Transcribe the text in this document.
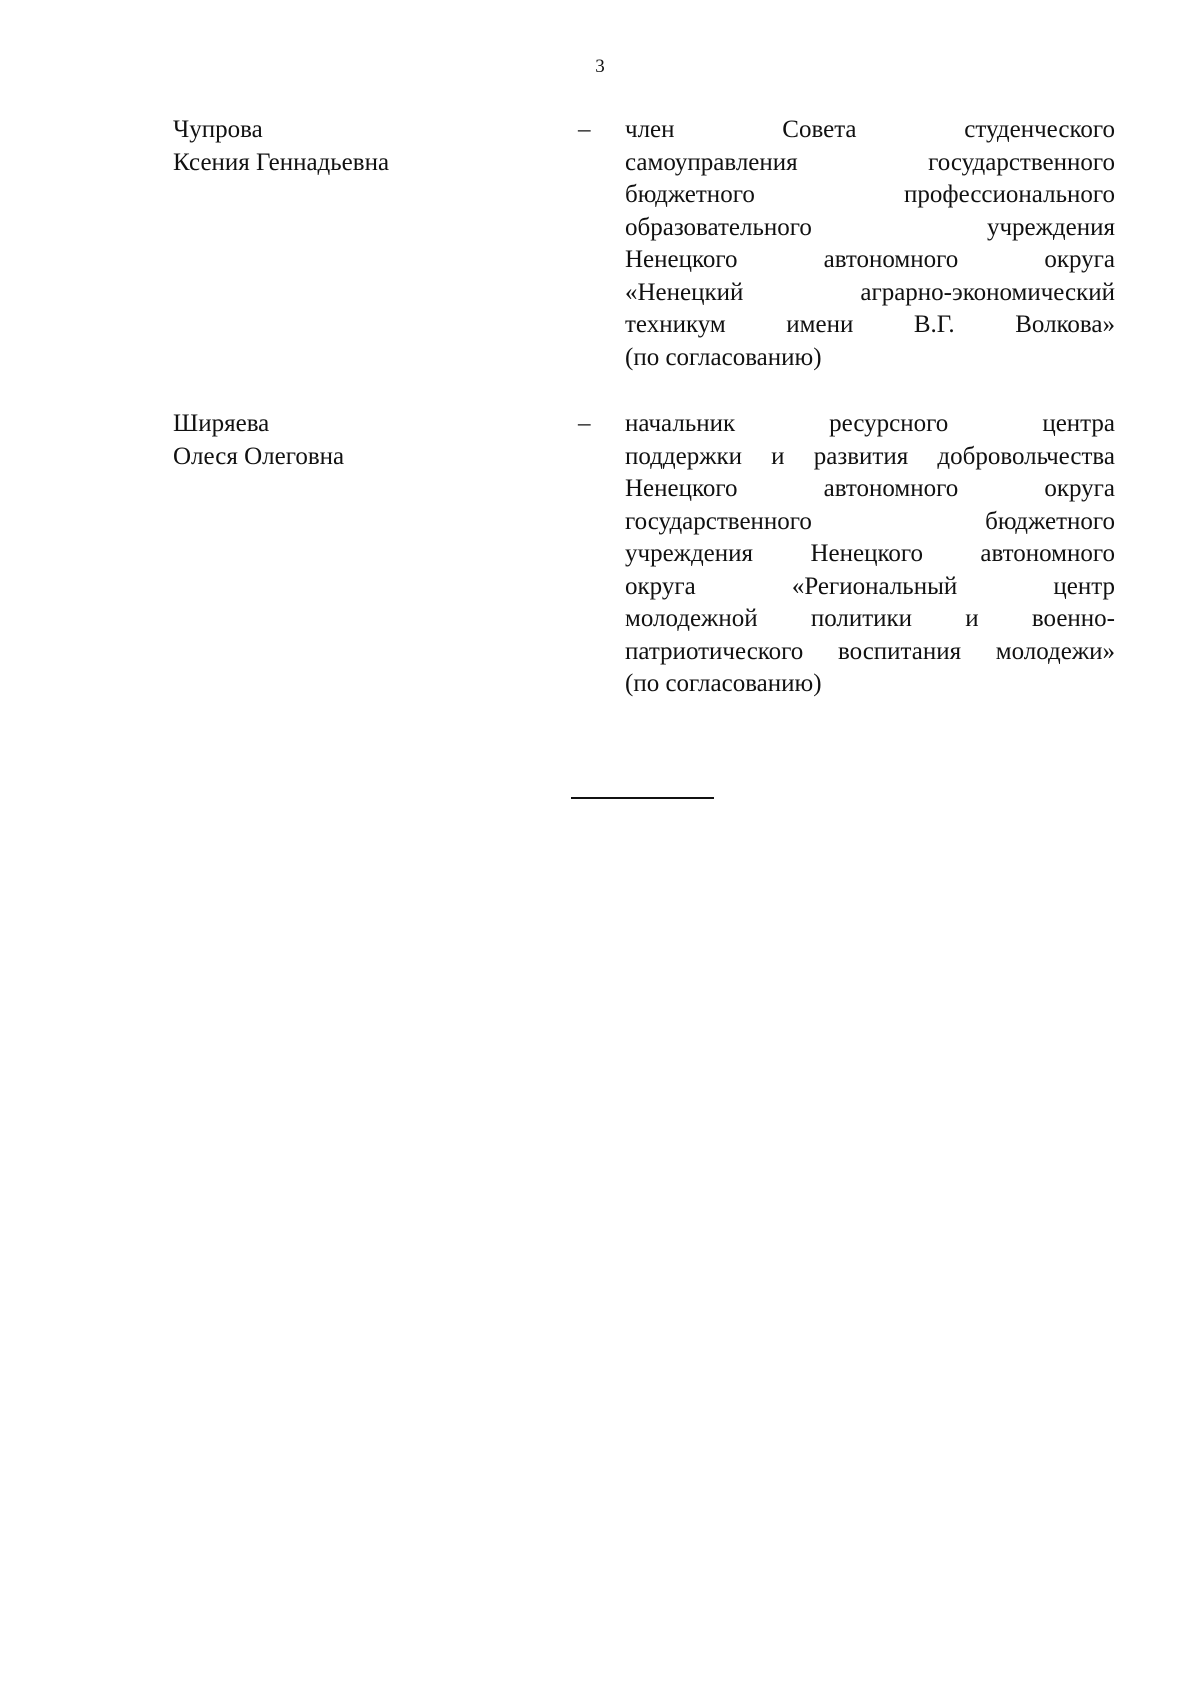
3
Чупрова
Ксения Геннадьевна
– член Совета студенческого
самоуправления государственного
бюджетного профессионального
образовательного учреждения
Ненецкого автономного округа
«Ненецкий аграрно-экономический
техникум имени В.Г. Волкова»
(по согласованию)
Ширяева
Олеся Олеговна
– начальник ресурсного центра
поддержки и развития добровольчества
Ненецкого автономного округа
государственного бюджетного
учреждения Ненецкого автономного
округа «Региональный центр
молодежной политики и военно-
патриотического воспитания молодежи»
(по согласованию)
